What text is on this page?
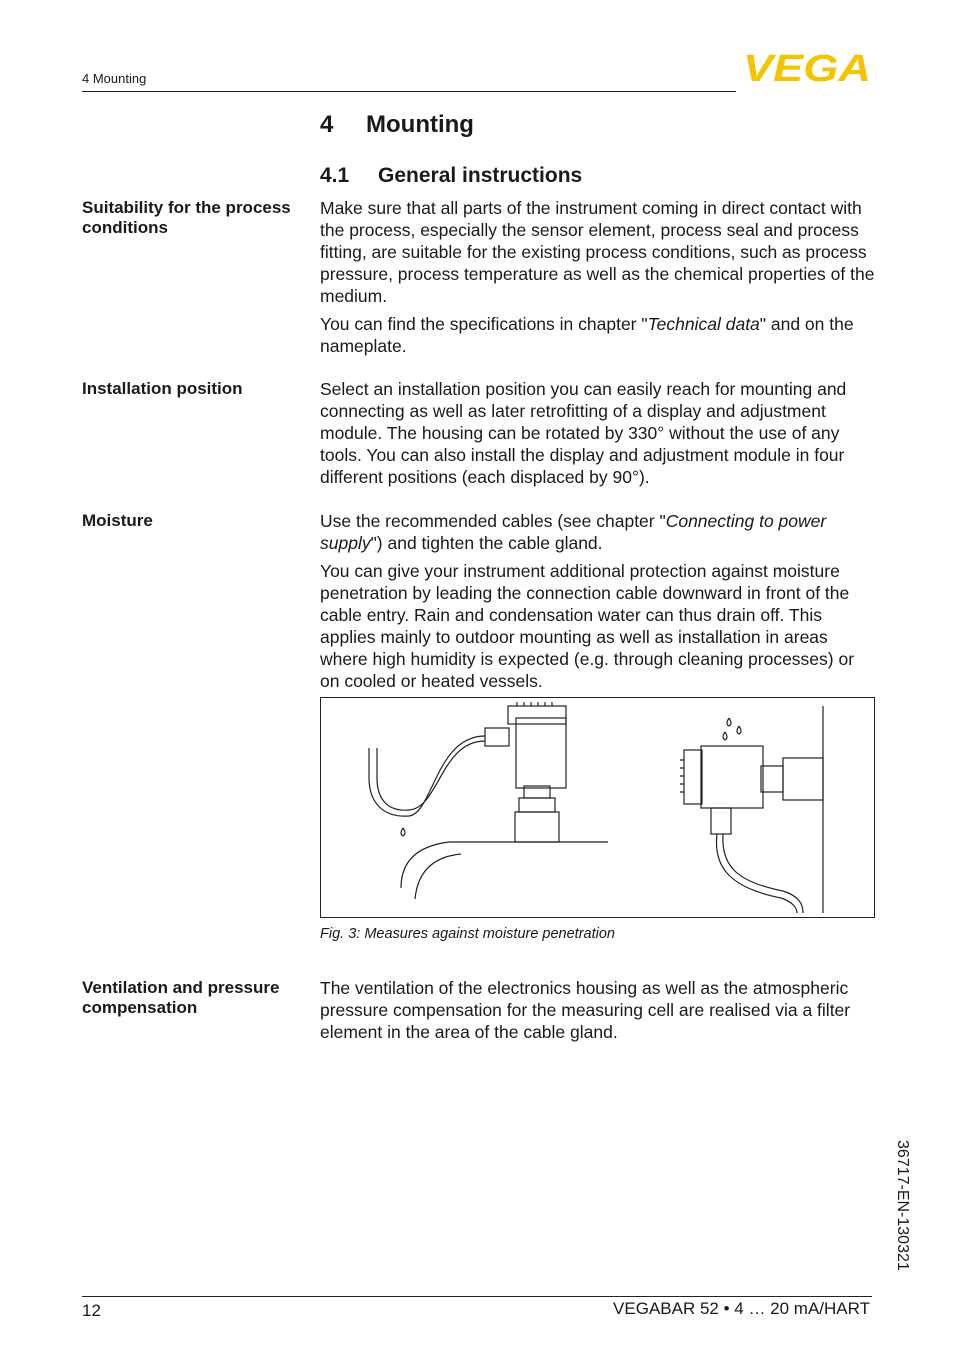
4 Mounting	VEGA
4 Mounting
4.1 General instructions
Suitability for the process conditions

Make sure that all parts of the instrument coming in direct contact with the process, especially the sensor element, process seal and process fitting, are suitable for the existing process conditions, such as process pressure, process temperature as well as the chemical properties of the medium.

You can find the specifications in chapter "Technical data" and on the nameplate.

Installation position	Select an installation position you can easily reach for mounting and connecting as well as later retrofitting of a display and adjustment module. The housing can be rotated by 330° without the use of any tools. You can also install the display and adjustment module in four different positions (each displaced by 90°).

Moisture	Use the recommended cables (see chapter "Connecting to power supply") and tighten the cable gland.

You can give your instrument additional protection against moisture penetration by leading the connection cable downward in front of the cable entry. Rain and condensation water can thus drain off. This applies mainly to outdoor mounting as well as installation in areas where high humidity is expected (e.g. through cleaning processes) or on cooled or heated vessels.

Fig. 3: Measures against moisture penetration
Ventilation and pressure compensation

The ventilation of the electronics housing as well as the atmospheric pressure compensation for the measuring cell are realised via a filter element in the area of the cable gland.

36717-EN-130321
12	VEGABAR 52 • 4 … 20 mA/HART
